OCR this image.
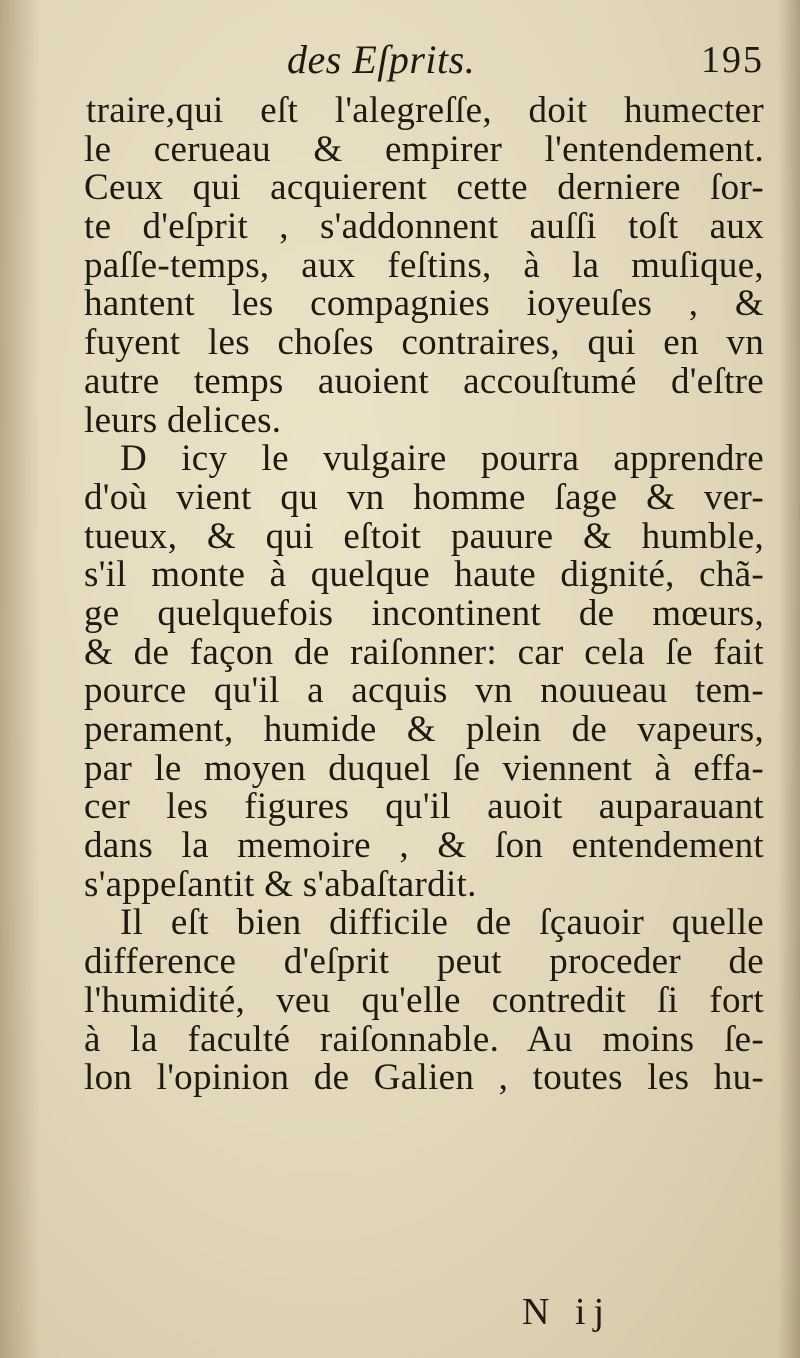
des Eſprits.	195
traire,qui eſt l'alegreſſe, doit humecter
le cerueau & empirer l'entendement.
Ceux qui acquierent cette derniere ſor-
te d'eſprit , s'addonnent auſſi toſt aux
paſſe-temps, aux feſtins, à la muſique,
hantent les compagnies ioyeuſes , &
fuyent les choſes contraires, qui en vn
autre temps auoient accouſtumé d'eſtre
leurs delices.
D icy le vulgaire pourra apprendre
d'où vient qu vn homme ſage & ver-
tueux, & qui eſtoit pauure & humble,
s'il monte à quelque haute dignité, chã-
ge quelquefois incontinent de mœurs,
& de façon de raiſonner: car cela ſe fait
pource qu'il a acquis vn nouueau tem-
perament, humide & plein de vapeurs,
par le moyen duquel ſe viennent à effa-
cer les figures qu'il auoit auparauant
dans la memoire , & ſon entendement
s'appeſantit & s'abaſtardit.
Il eſt bien difficile de ſçauoir quelle
difference d'eſprit peut proceder de
l'humidité, veu qu'elle contredit ſi fort
à la faculté raiſonnable. Au moins ſe-
lon l'opinion de Galien , toutes les hu-
N ij
